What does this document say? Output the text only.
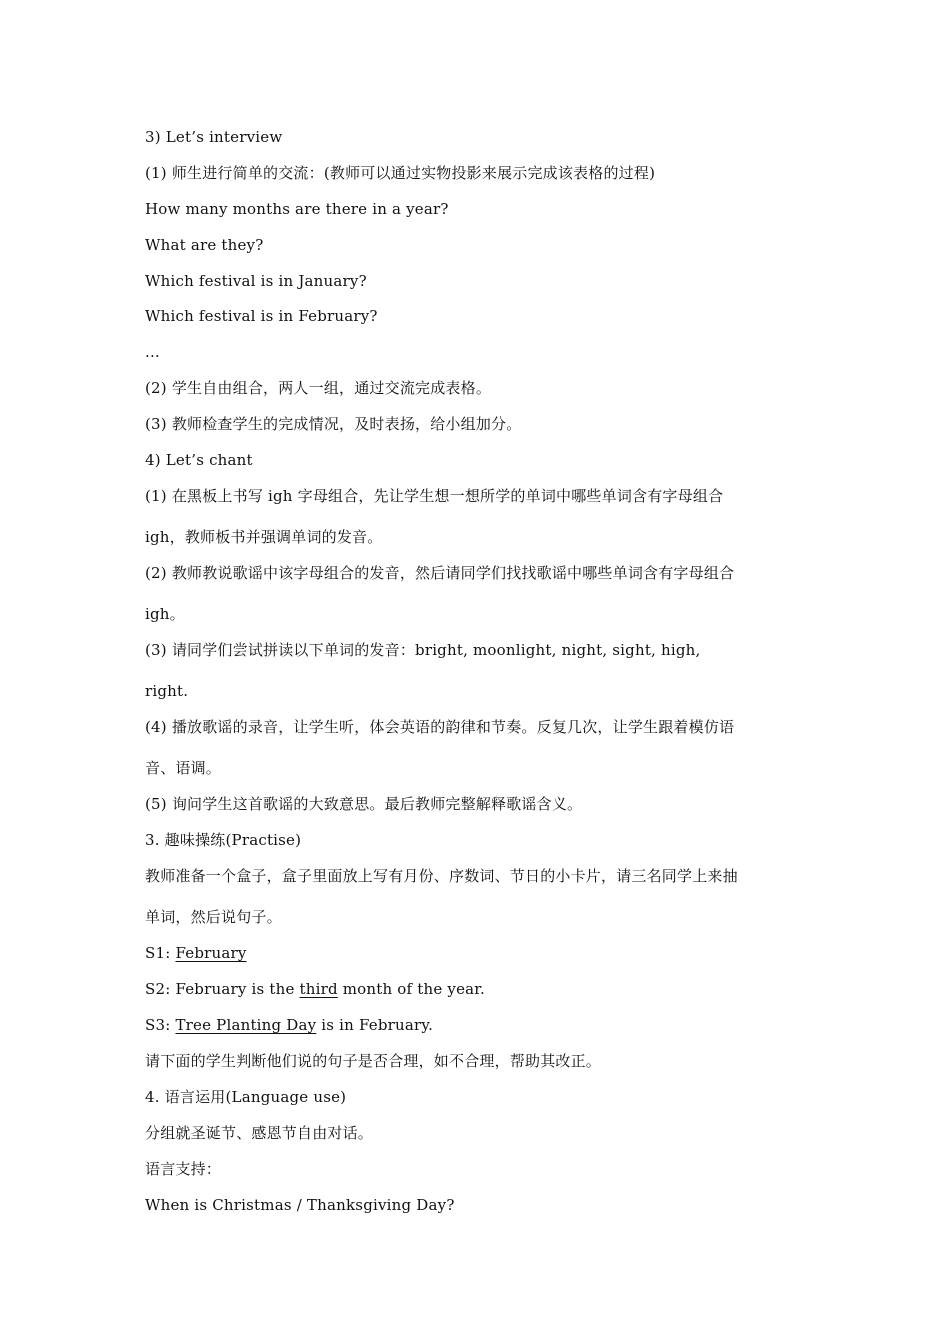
3) Let’s interview
(1) 师生进行简单的交流：(教师可以通过实物投影来展示完成该表格的过程)
How many months are there in a year?
What are they?
Which festival is in January?
Which festival is in February?
...
(2) 学生自由组合，两人一组，通过交流完成表格。
(3) 教师检查学生的完成情况，及时表扬，给小组加分。
4) Let’s chant
(1) 在黑板上书写 igh 字母组合，先让学生想一想所学的单词中哪些单词含有字母组合
igh，教师板书并强调单词的发音。
(2) 教师教说歌谣中该字母组合的发音，然后请同学们找找歌谣中哪些单词含有字母组合
igh。
(3) 请同学们尝试拼读以下单词的发音：bright, moonlight, night, sight, high,
right.
(4) 播放歌谣的录音，让学生听，体会英语的韵律和节奏。反复几次，让学生跟着模仿语
音、语调。
(5) 询问学生这首歌谣的大致意思。最后教师完整解释歌谣含义。
3. 趣味操练(Practise)
教师准备一个盒子，盒子里面放上写有月份、序数词、节日的小卡片，请三名同学上来抽
单词，然后说句子。
S1: February
S2: February is the third month of the year.
S3: Tree Planting Day is in February.
请下面的学生判断他们说的句子是否合理，如不合理，帮助其改正。
4. 语言运用(Language use)
分组就圣诞节、感恩节自由对话。
语言支持：
When is Christmas / Thanksgiving Day?
